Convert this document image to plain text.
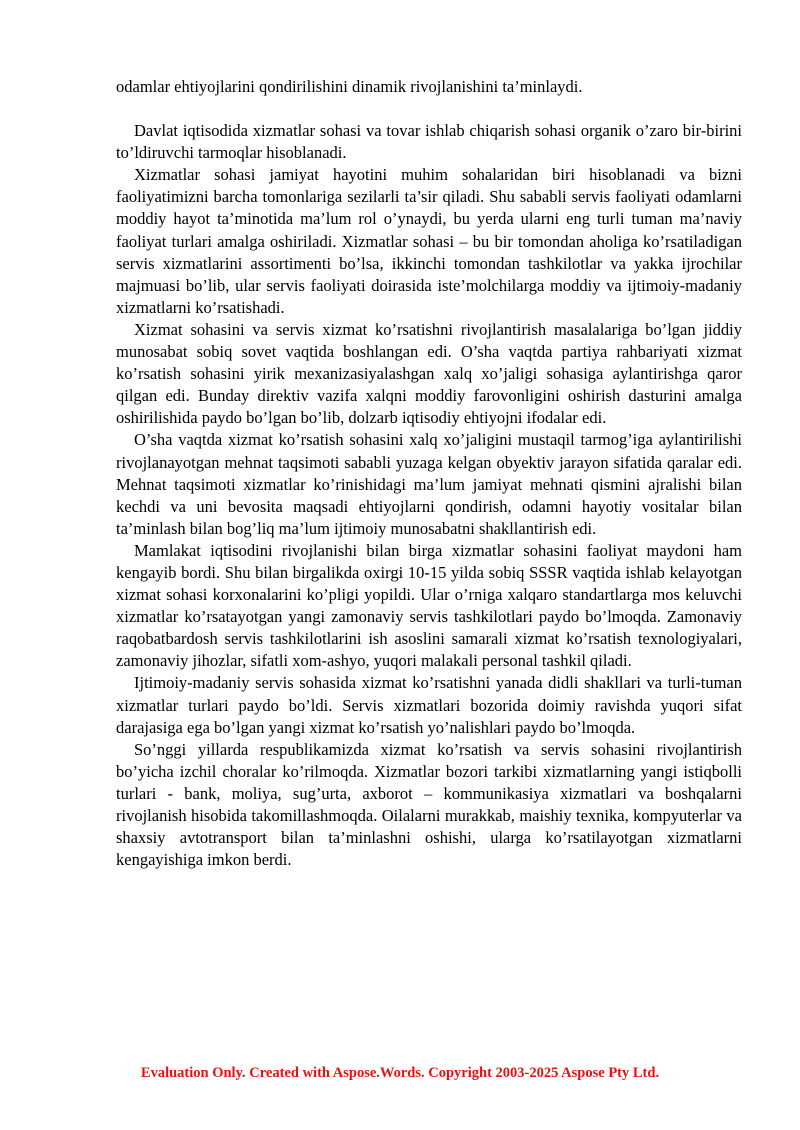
odamlar ehtiyojlarini qondirilishini dinamik rivojlanishini ta’minlaydi.

Davlat iqtisodida xizmatlar sohasi va tovar ishlab chiqarish sohasi organik o’zaro bir-birini to’ldiruvchi tarmoqlar hisoblanadi.

Xizmatlar sohasi jamiyat hayotini muhim sohalaridan biri hisoblanadi va bizni faoliyatimizni barcha tomonlariga sezilarli ta’sir qiladi. Shu sababli servis faoliyati odamlarni moddiy hayot ta’minotida ma’lum rol o’ynaydi, bu yerda ularni eng turli tuman ma’naviy faoliyat turlari amalga oshiriladi. Xizmatlar sohasi – bu bir tomondan aholiga ko’rsatiladigan servis xizmatlarini assortimenti bo’lsa, ikkinchi tomondan tashkilotlar va yakka ijrochilar majmuasi bo’lib, ular servis faoliyati doirasida iste’molchilarga moddiy va ijtimoiy-madaniy xizmatlarni ko’rsatishadi.

Xizmat sohasini va servis xizmat ko’rsatishni rivojlantirish masalalariga bo’lgan jiddiy munosabat sobiq sovet vaqtida boshlangan edi. O’sha vaqtda partiya rahbariyati xizmat ko’rsatish sohasini yirik mexanizasiyalashgan xalq xo’jaligi sohasiga aylantirishga qaror qilgan edi. Bunday direktiv vazifa xalqni moddiy farovonligini oshirish dasturini amalga oshirilishida paydo bo’lgan bo’lib, dolzarb iqtisodiy ehtiyojni ifodalar edi.

O’sha vaqtda xizmat ko’rsatish sohasini xalq xo’jaligini mustaqil tarmog’iga aylantirilishi rivojlanayotgan mehnat taqsimoti sababli yuzaga kelgan obyektiv jarayon sifatida qaralar edi. Mehnat taqsimoti xizmatlar ko’rinishidagi ma’lum jamiyat mehnati qismini ajralishi bilan kechdi va uni bevosita maqsadi ehtiyojlarni qondirish, odamni hayotiy vositalar bilan ta’minlash bilan bog’liq ma’lum ijtimoiy munosabatni shakllantirish edi.

Mamlakat iqtisodini rivojlanishi bilan birga xizmatlar sohasini faoliyat maydoni ham kengayib bordi. Shu bilan birgalikda oxirgi 10-15 yilda sobiq SSSR vaqtida ishlab kelayotgan xizmat sohasi korxonalarini ko’pligi yopildi. Ular o’rniga xalqaro standartlarga mos keluvchi xizmatlar ko’rsatayotgan yangi zamonaviy servis tashkilotlari paydo bo’lmoqda. Zamonaviy raqobatbardosh servis tashkilotlarini ish asoslini samarali xizmat ko’rsatish texnologiyalari, zamonaviy jihozlar, sifatli xom-ashyo, yuqori malakali personal tashkil qiladi.

Ijtimoiy-madaniy servis sohasida xizmat ko’rsatishni yanada didli shakllari va turli-tuman xizmatlar turlari paydo bo’ldi. Servis xizmatlari bozorida doimiy ravishda yuqori sifat darajasiga ega bo’lgan yangi xizmat ko’rsatish yo’nalishlari paydo bo’lmoqda.

So’nggi yillarda respublikamizda xizmat ko’rsatish va servis sohasini rivojlantirish bo’yicha izchil choralar ko’rilmoqda. Xizmatlar bozori tarkibi xizmatlarning yangi istiqbolli turlari - bank, moliya, sug’urta, axborot – kommunikasiya xizmatlari va boshqalarni rivojlanish hisobida takomillashmoqda. Oilalarni murakkab, maishiy texnika, kompyuterlar va shaxsiy avtotransport bilan ta’minlashni oshishi, ularga ko’rsatilayotgan xizmatlarni kengayishiga imkon berdi.

Evaluation Only. Created with Aspose.Words. Copyright 2003-2025 Aspose Pty Ltd.
